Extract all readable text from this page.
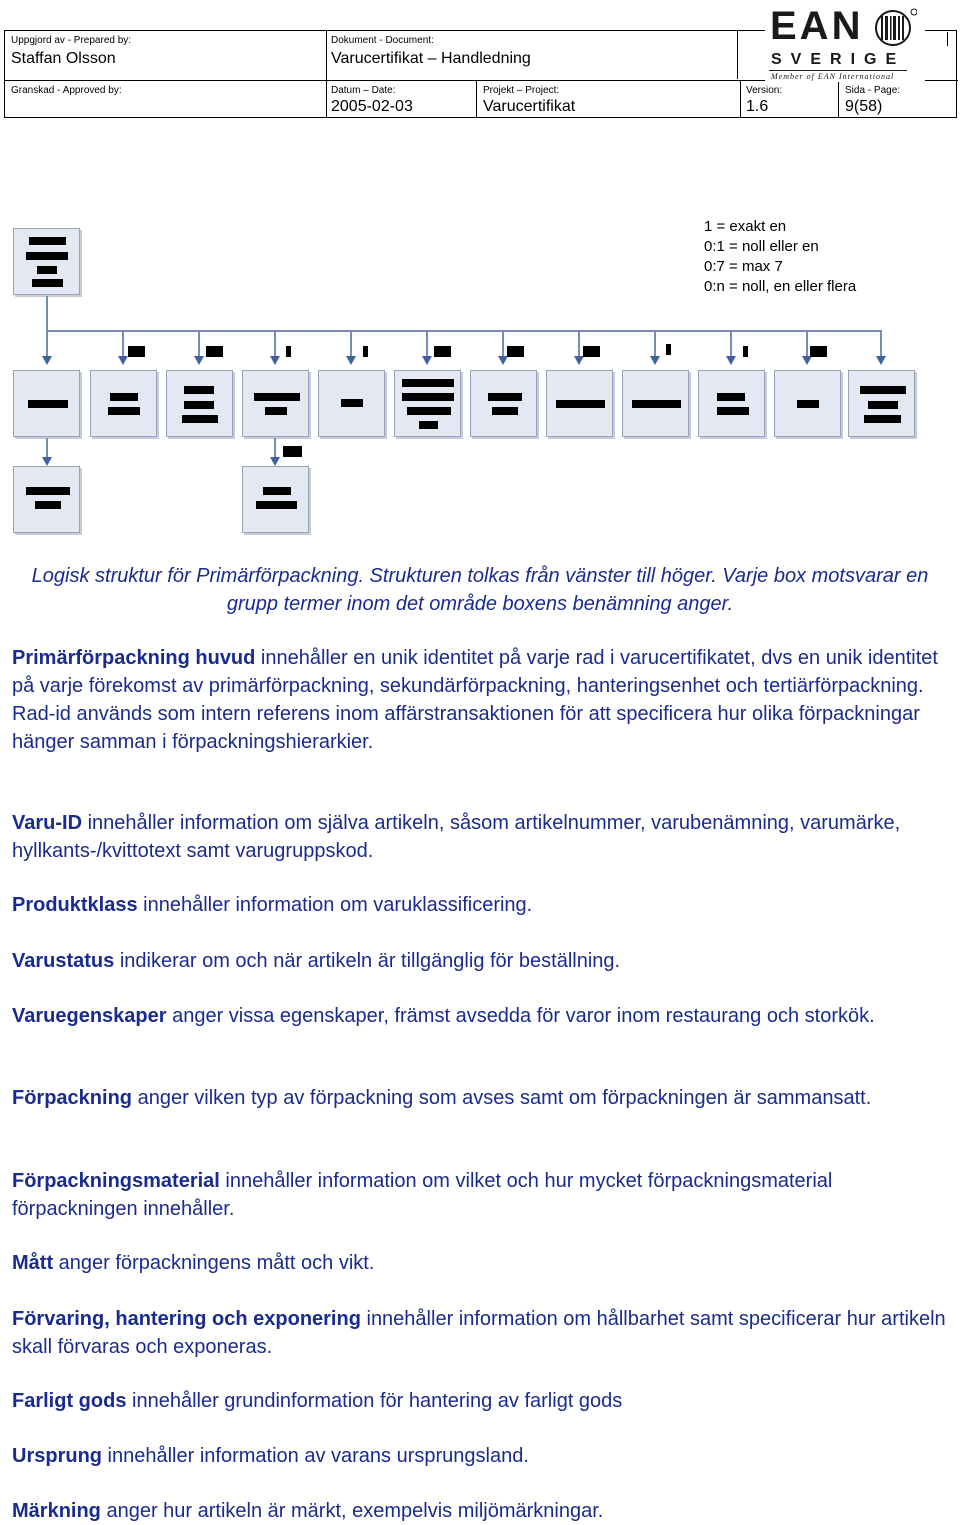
Uppgjord av - Prepared by:
Staffan Olsson
Dokument - Document:
Varucertifikat – Handledning
Granskad - Approved by:	Datum – Date:
2005-02-03
Projekt – Project:
Varucertifikat
Version:
1.6
Sida - Page:
9(58)
EAN
SVERIGE
Member of EAN International
1 = exakt en
0:1 = noll eller en
0:7 = max 7
0:n = noll, en eller flera
Logisk struktur för Primärförpackning. Strukturen tolkas från vänster till höger. Varje box motsvarar en grupp termer inom det område boxens benämning anger.
Primärförpackning huvud innehåller en unik identitet på varje rad i varucertifikatet, dvs en unik identitet på varje förekomst av primärförpackning, sekundärförpackning, hanteringsenhet och tertiärförpackning. Rad-id används som intern referens inom affärstransaktionen för att specificera hur olika förpackningar hänger samman i förpackningshierarkier.
Varu-ID innehåller information om själva artikeln, såsom artikelnummer, varubenämning, varumärke, hyllkants-/kvittotext samt varugruppskod.
Produktklass innehåller information om varuklassificering.
Varustatus indikerar om och när artikeln är tillgänglig för beställning.
Varuegenskaper anger vissa egenskaper, främst avsedda för varor inom restaurang och storkök.
Förpackning anger vilken typ av förpackning som avses samt om förpackningen är sammansatt.
Förpackningsmaterial innehåller information om vilket och hur mycket förpackningsmaterial förpackningen innehåller.
Mått anger förpackningens mått och vikt.
Förvaring, hantering och exponering innehåller information om hållbarhet samt specificerar hur artikeln skall förvaras och exponeras.
Farligt gods innehåller grundinformation för hantering av farligt gods
Ursprung innehåller information av varans ursprungsland.
Märkning anger hur artikeln är märkt, exempelvis miljömärkningar.
